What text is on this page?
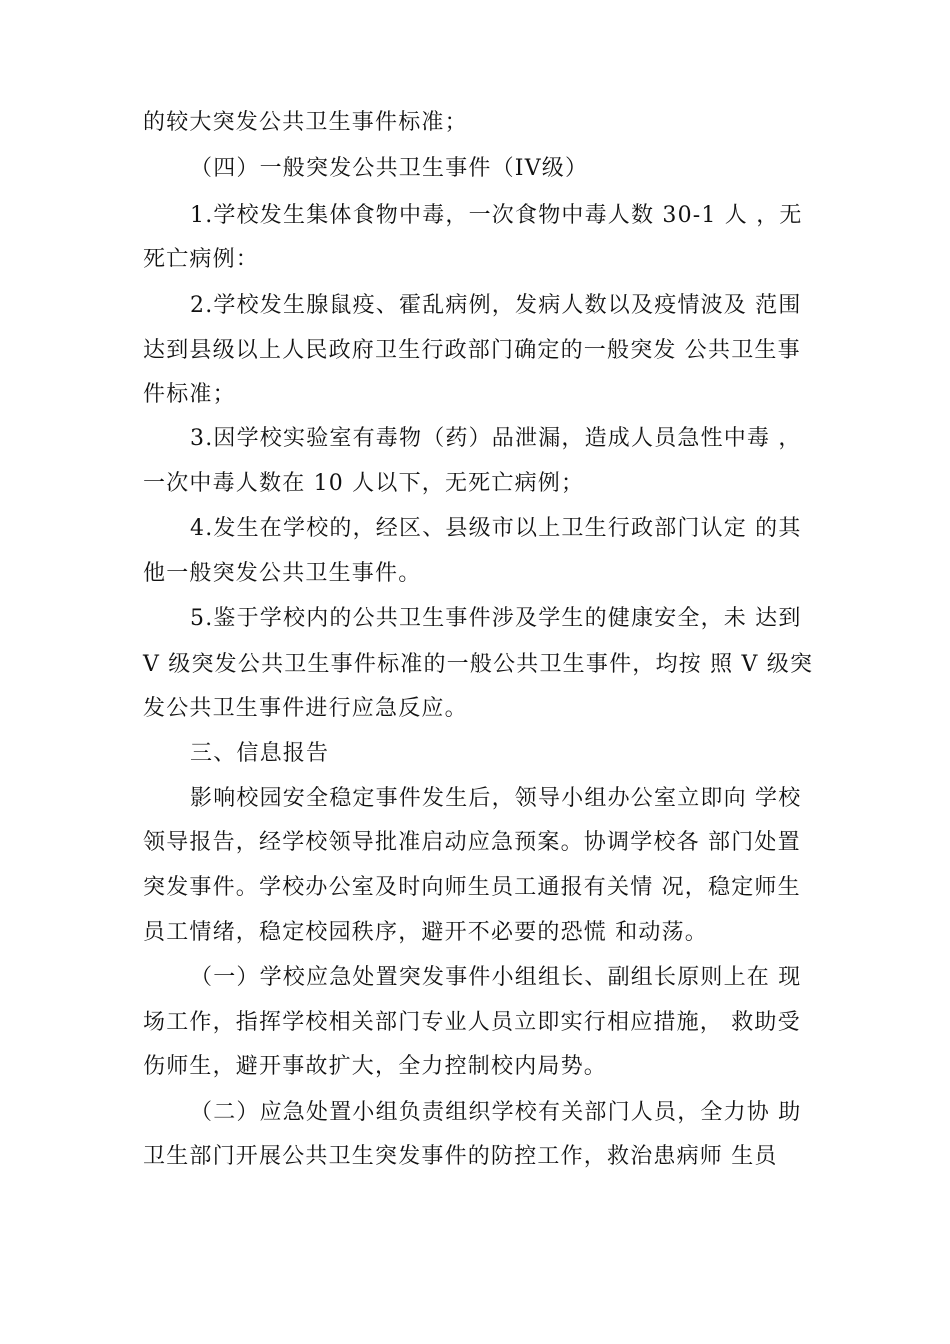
的较大突发公共卫生事件标准；
（四）一般突发公共卫生事件（IV级）
1.学校发生集体食物中毒，一次食物中毒人数 30-1 人 ，无
死亡病例：
2.学校发生腺鼠疫、霍乱病例，发病人数以及疫情波及 范围
达到县级以上人民政府卫生行政部门确定的一般突发 公共卫生事
件标准；
3.因学校实验室有毒物（药）品泄漏，造成人员急性中毒 ，
一次中毒人数在 10 人以下，无死亡病例；
4.发生在学校的，经区、县级市以上卫生行政部门认定 的其
他一般突发公共卫生事件。
5.鉴于学校内的公共卫生事件涉及学生的健康安全，未 达到
V 级突发公共卫生事件标准的一般公共卫生事件，均按 照 V 级突
发公共卫生事件进行应急反应。
三、信息报告
影响校园安全稳定事件发生后，领导小组办公室立即向 学校
领导报告，经学校领导批准启动应急预案。协调学校各 部门处置
突发事件。学校办公室及时向师生员工通报有关情 况，稳定师生
员工情绪，稳定校园秩序，避开不必要的恐慌 和动荡。
（一）学校应急处置突发事件小组组长、副组长原则上在 现
场工作，指挥学校相关部门专业人员立即实行相应措施， 救助受
伤师生，避开事故扩大，全力控制校内局势。
（二）应急处置小组负责组织学校有关部门人员，全力协 助
卫生部门开展公共卫生突发事件的防控工作，救治患病师 生员
